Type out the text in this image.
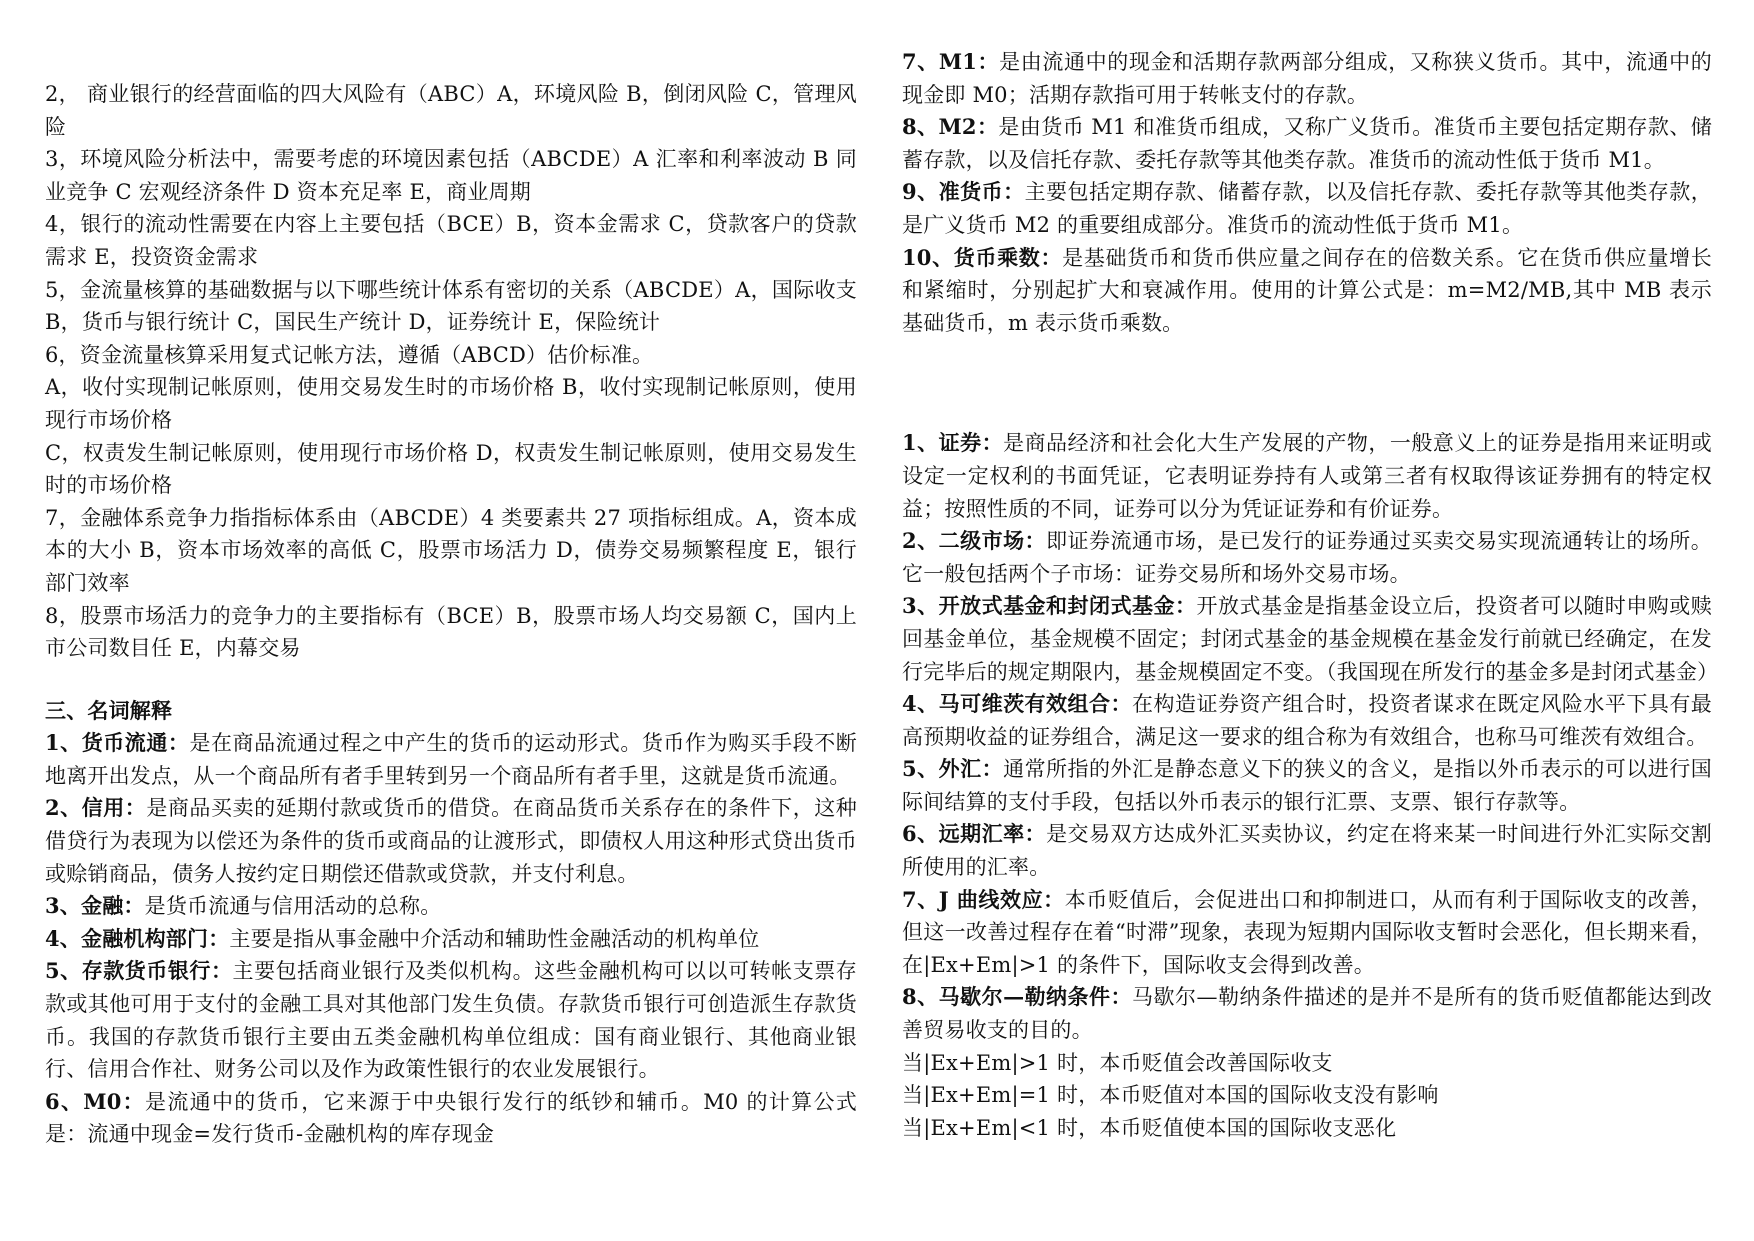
2， 商业银行的经营面临的四大风险有（ABC）A，环境风险 B，倒闭风险 C，管理风险

3，环境风险分析法中，需要考虑的环境因素包括（ABCDE）A 汇率和利率波动 B 同业竞争 C 宏观经济条件 D 资本充足率 E，商业周期

4，银行的流动性需要在内容上主要包括（BCE）B，资本金需求 C，贷款客户的贷款需求 E，投资资金需求

5，金流量核算的基础数据与以下哪些统计体系有密切的关系（ABCDE）A，国际收支 B，货币与银行统计 C，国民生产统计 D，证券统计 E，保险统计

6，资金流量核算采用复式记帐方法，遵循（ABCD）估价标准。

A，收付实现制记帐原则，使用交易发生时的市场价格 B，收付实现制记帐原则，使用现行市场价格

C，权责发生制记帐原则，使用现行市场价格 D，权责发生制记帐原则，使用交易发生时的市场价格

7，金融体系竞争力指指标体系由（ABCDE）4 类要素共 27 项指标组成。A，资本成本的大小 B，资本市场效率的高低 C，股票市场活力 D，债券交易频繁程度 E，银行部门效率

8，股票市场活力的竞争力的主要指标有（BCE）B，股票市场人均交易额 C，国内上市公司数目任 E，内幕交易

三、名词解释

1、货币流通：是在商品流通过程之中产生的货币的运动形式。货币作为购买手段不断地离开出发点，从一个商品所有者手里转到另一个商品所有者手里，这就是货币流通。

2、信用：是商品买卖的延期付款或货币的借贷。在商品货币关系存在的条件下，这种借贷行为表现为以偿还为条件的货币或商品的让渡形式，即债权人用这种形式贷出货币或赊销商品，债务人按约定日期偿还借款或贷款，并支付利息。

3、金融：是货币流通与信用活动的总称。

4、金融机构部门：主要是指从事金融中介活动和辅助性金融活动的机构单位

5、存款货币银行：主要包括商业银行及类似机构。这些金融机构可以以可转帐支票存款或其他可用于支付的金融工具对其他部门发生负债。存款货币银行可创造派生存款货币。我国的存款货币银行主要由五类金融机构单位组成：国有商业银行、其他商业银行、信用合作社、财务公司以及作为政策性银行的农业发展银行。

6、M0：是流通中的货币，它来源于中央银行发行的纸钞和辅币。M0 的计算公式是：流通中现金=发行货币-金融机构的库存现金

7、M1：是由流通中的现金和活期存款两部分组成，又称狭义货币。其中，流通中的现金即 M0；活期存款指可用于转帐支付的存款。

8、M2：是由货币 M1 和准货币组成，又称广义货币。准货币主要包括定期存款、储蓄存款，以及信托存款、委托存款等其他类存款。准货币的流动性低于货币 M1。

9、准货币：主要包括定期存款、储蓄存款，以及信托存款、委托存款等其他类存款，是广义货币 M2 的重要组成部分。准货币的流动性低于货币 M1。

10、货币乘数：是基础货币和货币供应量之间存在的倍数关系。它在货币供应量增长和紧缩时，分别起扩大和衰减作用。使用的计算公式是：m=M2/MB,其中 MB 表示基础货币，m 表示货币乘数。

1、证券：是商品经济和社会化大生产发展的产物，一般意义上的证券是指用来证明或设定一定权利的书面凭证，它表明证券持有人或第三者有权取得该证券拥有的特定权益；按照性质的不同，证券可以分为凭证证券和有价证券。

2、二级市场：即证券流通市场，是已发行的证券通过买卖交易实现流通转让的场所。它一般包括两个子市场：证券交易所和场外交易市场。

3、开放式基金和封闭式基金：开放式基金是指基金设立后，投资者可以随时申购或赎回基金单位，基金规模不固定；封闭式基金的基金规模在基金发行前就已经确定，在发行完毕后的规定期限内，基金规模固定不变。（我国现在所发行的基金多是封闭式基金）

4、马可维茨有效组合：在构造证券资产组合时，投资者谋求在既定风险水平下具有最高预期收益的证券组合，满足这一要求的组合称为有效组合，也称马可维茨有效组合。

5、外汇：通常所指的外汇是静态意义下的狭义的含义，是指以外币表示的可以进行国际间结算的支付手段，包括以外币表示的银行汇票、支票、银行存款等。

6、远期汇率：是交易双方达成外汇买卖协议，约定在将来某一时间进行外汇实际交割所使用的汇率。

7、J 曲线效应：本币贬值后，会促进出口和抑制进口，从而有利于国际收支的改善，但这一改善过程存在着“时滞”现象，表现为短期内国际收支暂时会恶化，但长期来看，在|Ex+Em|>1 的条件下，国际收支会得到改善。

8、马歇尔—勒纳条件：马歇尔—勒纳条件描述的是并不是所有的货币贬值都能达到改善贸易收支的目的。

当|Ex+Em|>1 时，本币贬值会改善国际收支

当|Ex+Em|=1 时，本币贬值对本国的国际收支没有影响

当|Ex+Em|<1 时，本币贬值使本国的国际收支恶化
